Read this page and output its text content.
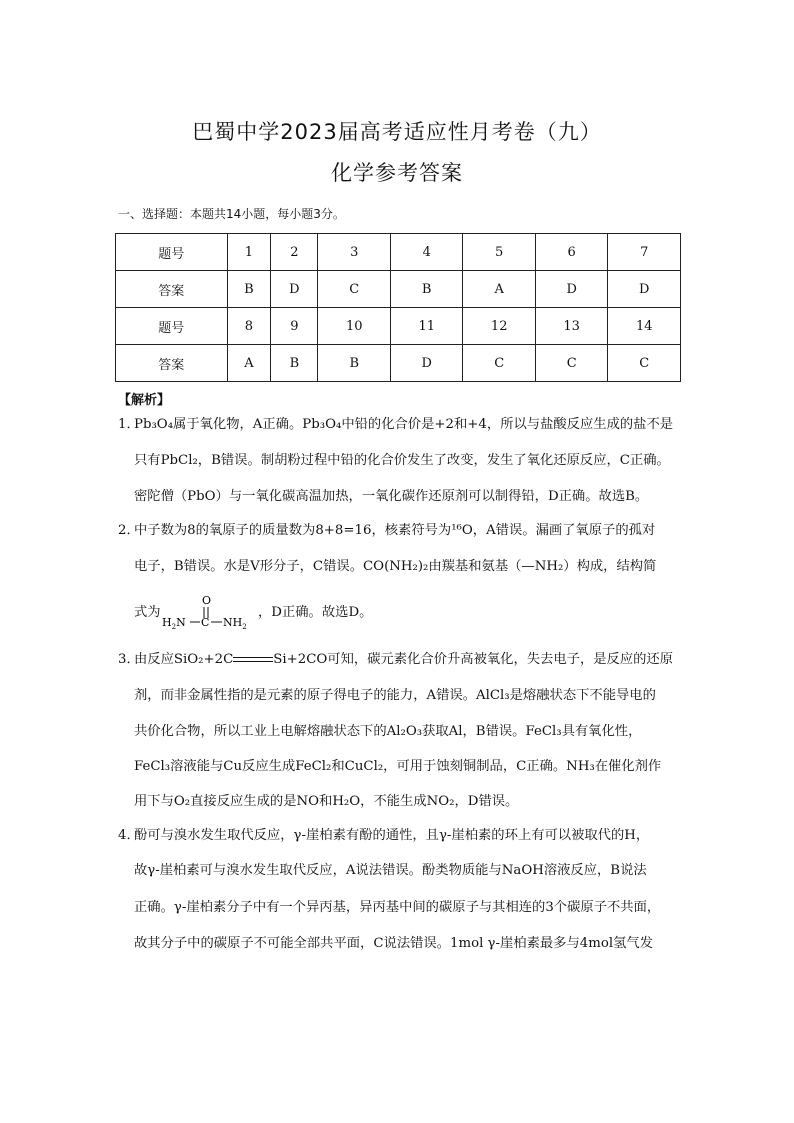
巴蜀中学2023届高考适应性月考卷（九）
化学参考答案
一、选择题：本题共14小题，每小题3分。
题号	1	2	3	4	5	6	7
答案	B	D	C	B	A	D	D
题号	8	9	10	11	12	13	14
答案	A	B	B	D	C	C	C
【解析】
1．
Pb₃O₄属于氧化物，A正确。Pb₃O₄中铅的化合价是+2和+4，所以与盐酸反应生成的盐不是
只有PbCl₂，B错误。制胡粉过程中铅的化合价发生了改变，发生了氧化还原反应，C正确。
密陀僧（PbO）与一氧化碳高温加热，一氧化碳作还原剂可以制得铅，D正确。故选B。
2．
中子数为8的氧原子的质量数为8+8=16，核素符号为¹⁶O，A错误。漏画了氧原子的孤对
电子，B错误。水是V形分子，C错误。CO(NH₂)₂由羰基和氨基（—NH₂）构成，结构简
式为
O
$H_2N$ C $NH_2$
，D正确。故选D。
3．
由反应SiO₂+2C	Si+2CO可知，碳元素化合价升高被氧化，失去电子，是反应的还原
剂，而非金属性指的是元素的原子得电子的能力，A错误。AlCl₃是熔融状态下不能导电的
共价化合物，所以工业上电解熔融状态下的Al₂O₃获取Al，B错误。FeCl₃具有氧化性，
FeCl₃溶液能与Cu反应生成FeCl₂和CuCl₂，可用于蚀刻铜制品，C正确。NH₃在催化剂作
用下与O₂直接反应生成的是NO和H₂O，不能生成NO₂，D错误。
4．
酚可与溴水发生取代反应，γ-崖柏素有酚的通性，且γ-崖柏素的环上有可以被取代的H，
故γ-崖柏素可与溴水发生取代反应，A说法错误。酚类物质能与NaOH溶液反应，B说法
正确。γ-崖柏素分子中有一个异丙基，异丙基中间的碳原子与其相连的3个碳原子不共面，
故其分子中的碳原子不可能全部共平面，C说法错误。1mol γ-崖柏素最多与4mol氢气发
